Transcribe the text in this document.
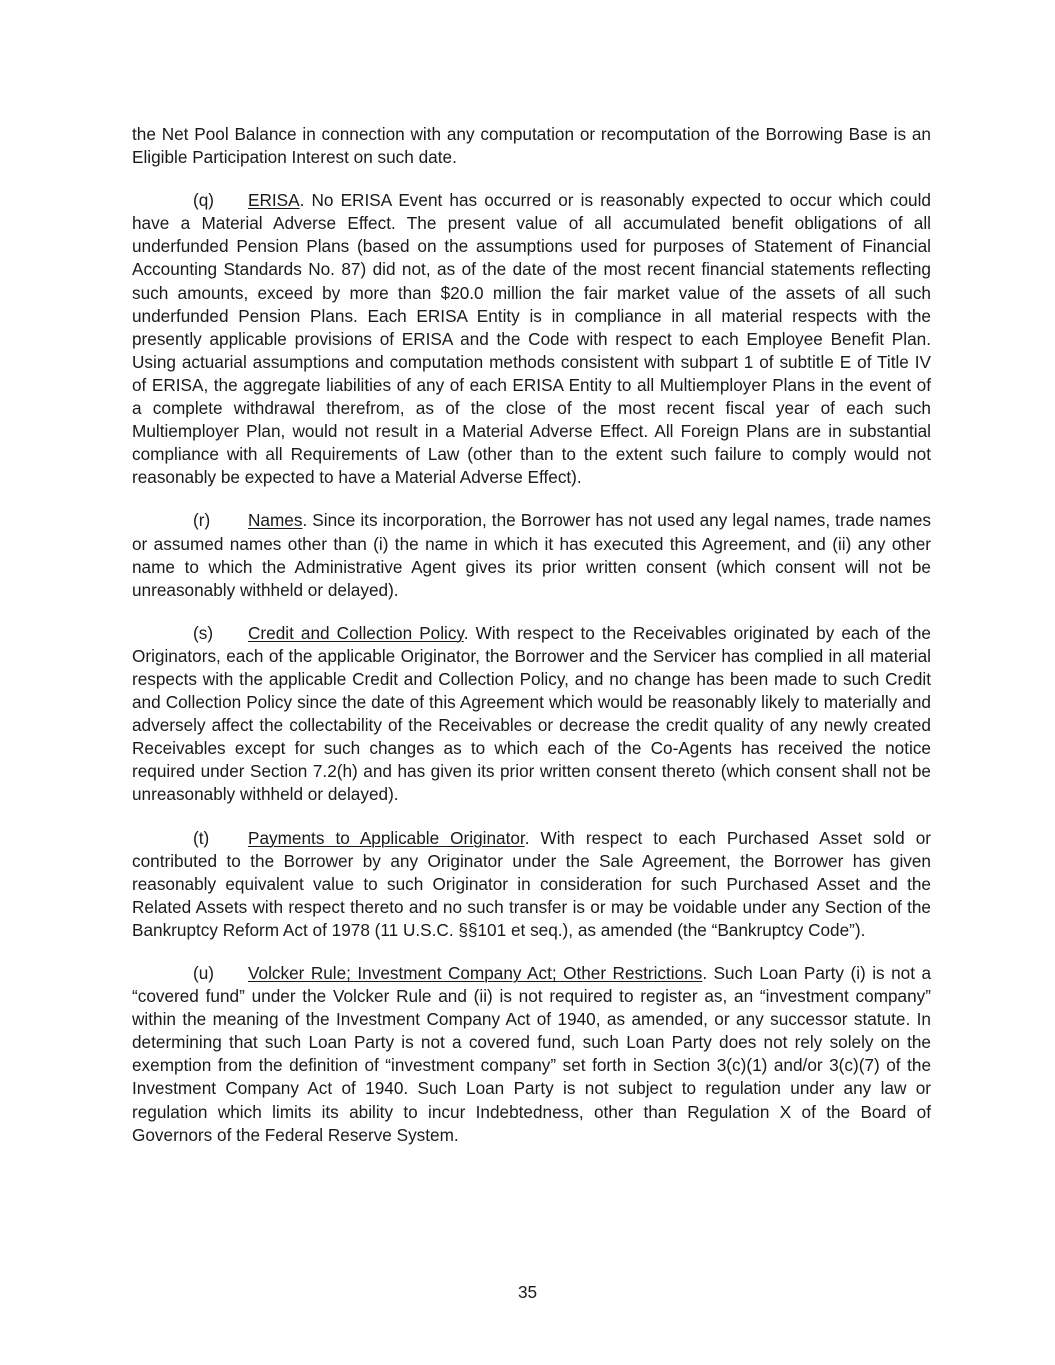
the Net Pool Balance in connection with any computation or recomputation of the Borrowing Base is an Eligible Participation Interest on such date.

(q) ERISA. No ERISA Event has occurred or is reasonably expected to occur which could have a Material Adverse Effect. The present value of all accumulated benefit obligations of all underfunded Pension Plans (based on the assumptions used for purposes of Statement of Financial Accounting Standards No. 87) did not, as of the date of the most recent financial statements reflecting such amounts, exceed by more than $20.0 million the fair market value of the assets of all such underfunded Pension Plans. Each ERISA Entity is in compliance in all material respects with the presently applicable provisions of ERISA and the Code with respect to each Employee Benefit Plan. Using actuarial assumptions and computation methods consistent with subpart 1 of subtitle E of Title IV of ERISA, the aggregate liabilities of any of each ERISA Entity to all Multiemployer Plans in the event of a complete withdrawal therefrom, as of the close of the most recent fiscal year of each such Multiemployer Plan, would not result in a Material Adverse Effect. All Foreign Plans are in substantial compliance with all Requirements of Law (other than to the extent such failure to comply would not reasonably be expected to have a Material Adverse Effect).

(r) Names. Since its incorporation, the Borrower has not used any legal names, trade names or assumed names other than (i) the name in which it has executed this Agreement, and (ii) any other name to which the Administrative Agent gives its prior written consent (which consent will not be unreasonably withheld or delayed).

(s) Credit and Collection Policy. With respect to the Receivables originated by each of the Originators, each of the applicable Originator, the Borrower and the Servicer has complied in all material respects with the applicable Credit and Collection Policy, and no change has been made to such Credit and Collection Policy since the date of this Agreement which would be reasonably likely to materially and adversely affect the collectability of the Receivables or decrease the credit quality of any newly created Receivables except for such changes as to which each of the Co-Agents has received the notice required under Section 7.2(h) and has given its prior written consent thereto (which consent shall not be unreasonably withheld or delayed).

(t) Payments to Applicable Originator. With respect to each Purchased Asset sold or contributed to the Borrower by any Originator under the Sale Agreement, the Borrower has given reasonably equivalent value to such Originator in consideration for such Purchased Asset and the Related Assets with respect thereto and no such transfer is or may be voidable under any Section of the Bankruptcy Reform Act of 1978 (11 U.S.C. §§101 et seq.), as amended (the “Bankruptcy Code”).

(u) Volcker Rule; Investment Company Act; Other Restrictions. Such Loan Party (i) is not a “covered fund” under the Volcker Rule and (ii) is not required to register as, an “investment company” within the meaning of the Investment Company Act of 1940, as amended, or any successor statute. In determining that such Loan Party is not a covered fund, such Loan Party does not rely solely on the exemption from the definition of “investment company” set forth in Section 3(c)(1) and/or 3(c)(7) of the Investment Company Act of 1940. Such Loan Party is not subject to regulation under any law or regulation which limits its ability to incur Indebtedness, other than Regulation X of the Board of Governors of the Federal Reserve System.

35
